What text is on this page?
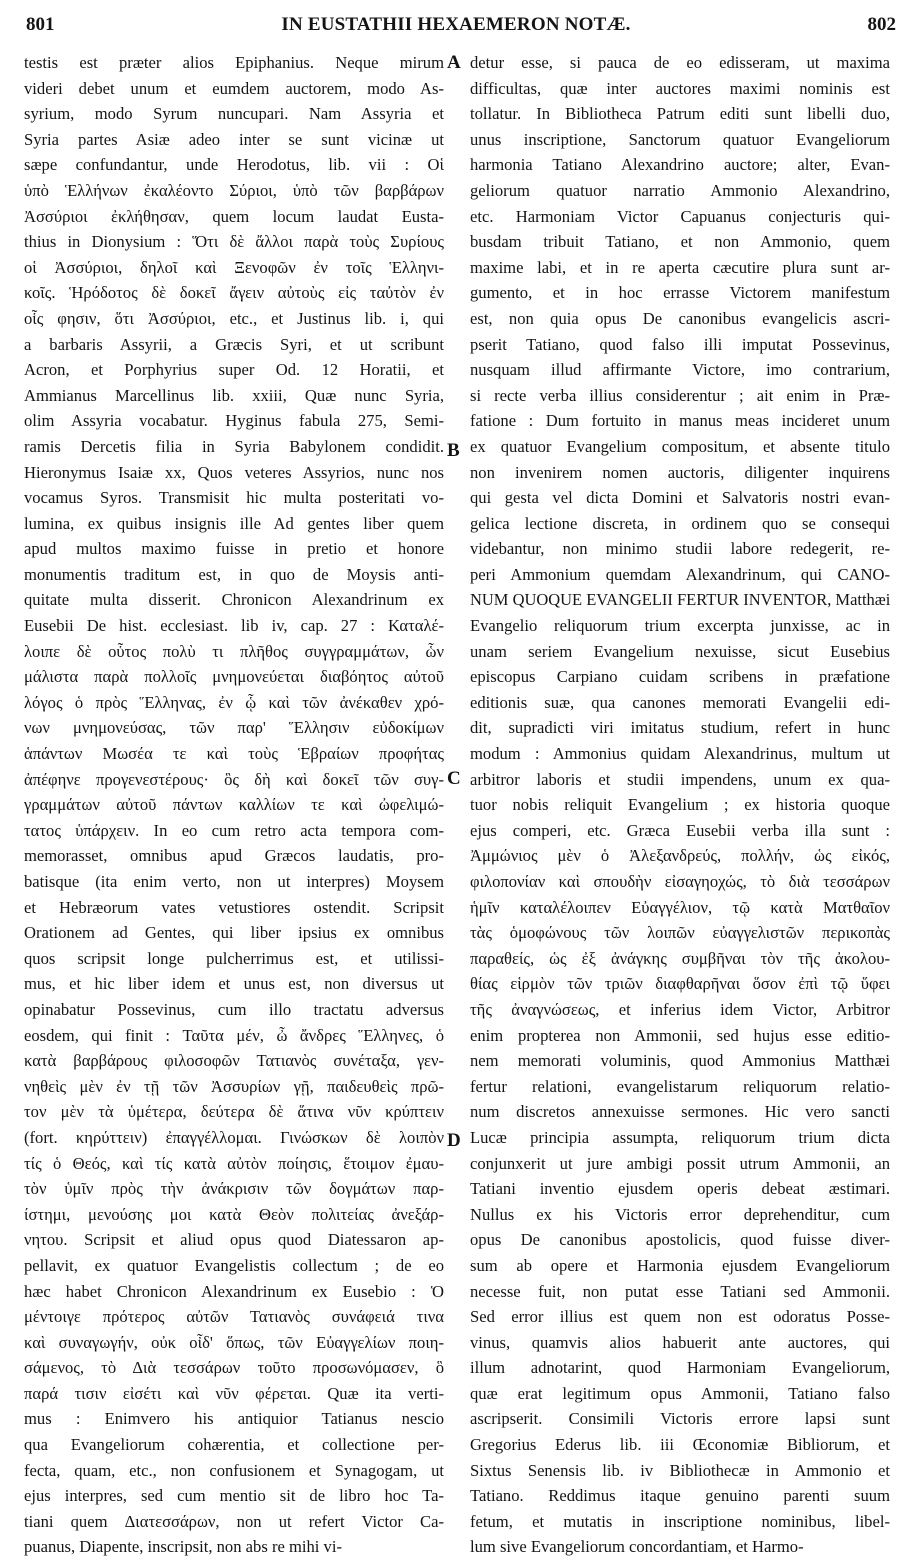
801	IN EUSTATHII HEXAEMERON NOTÆ.	802
testis est præter alios Epiphanius. Neque mirum
videri debet unum et eumdem auctorem, modo As-
syrium, modo Syrum nuncupari. Nam Assyria et
Syria partes Asiæ adeo inter se sunt vicinæ ut
sæpe confundantur, unde Herodotus, lib. vii : Οἱ
ὑπὸ Ἑλλήνων ἐκαλέοντο Σύριοι, ὑπὸ τῶν βαρβάρων
Ἀσσύριοι ἐκλήθησαν, quem locum laudat Eusta-
thius in Dionysium : Ὅτι δὲ ἄλλοι παρὰ τοὺς Συρίους
οἱ Ἀσσύριοι, δηλοῖ καὶ Ξενοφῶν ἐν τοῖς Ἑλληνι-
κοῖς. Ἡρόδοτος δὲ δοκεῖ ἄγειν αὐτοὺς εἰς ταὐτὸν ἐν
οἷς φησιν, ὅτι Ἀσσύριοι, etc., et Justinus lib. i, qui
a barbaris Assyrii, a Græcis Syri, et ut scribunt
Acron, et Porphyrius super Od. 12 Horatii, et
Ammianus Marcellinus lib. xxiii, Quæ nunc Syria,
olim Assyria vocabatur. Hyginus fabula 275, Semi-
ramis Dercetis filia in Syria Babylonem condidit.
Hieronymus Isaiæ xx, Quos veteres Assyrios, nunc nos
vocamus Syros. Transmisit hic multa posteritati vo-
lumina, ex quibus insignis ille Ad gentes liber quem
apud multos maximo fuisse in pretio et honore
monumentis traditum est, in quo de Moysis anti-
quitate multa disserit. Chronicon Alexandrinum ex
Eusebii De hist. ecclesiast. lib iv, cap. 27 : Καταλέ-
λοιπε δὲ οὗτος πολὺ τι πλῆθος συγγραμμάτων, ὧν
μάλιστα παρὰ πολλοῖς μνημονεύεται διαβόητος αὐτοῦ
λόγος ὁ πρὸς Ἕλληνας, ἐν ᾧ καὶ τῶν ἀνέκαθεν χρό-
νων μνημονεύσας, τῶν παρ' Ἕλλησιν εὐδοκίμων
ἁπάντων Μωσέα τε καὶ τοὺς Ἑβραίων προφήτας
ἀπέφηνε προγενεστέρους· ὃς δὴ καὶ δοκεῖ τῶν συγ-
γραμμάτων αὐτοῦ πάντων καλλίων τε καὶ ὠφελιμώ-
τατος ὑπάρχειν. In eo cum retro acta tempora com-
memorasset, omnibus apud Græcos laudatis, pro-
batisque (ita enim verto, non ut interpres) Moysem
et Hebræorum vates vetustiores ostendit. Scripsit
Orationem ad Gentes, qui liber ipsius ex omnibus
quos scripsit longe pulcherrimus est, et utilissi-
mus, et hic liber idem et unus est, non diversus ut
opinabatur Possevinus, cum illo tractatu adversus
eosdem, qui finit : Ταῦτα μέν, ὦ ἄνδρες Ἕλληνες, ὁ
κατὰ βαρβάρους φιλοσοφῶν Τατιανὸς συνέταξα, γεν-
νηθεὶς μὲν ἐν τῇ τῶν Ἀσσυρίων γῇ, παιδευθεὶς πρῶ-
τον μὲν τὰ ὑμέτερα, δεύτερα δὲ ἅτινα νῦν κρύπτειν
(fort. κηρύττειν) ἐπαγγέλλομαι. Γινώσκων δὲ λοιπὸν
τίς ὁ Θεός, καὶ τίς κατὰ αὐτὸν ποίησις, ἕτοιμον ἐμαυ-
τὸν ὑμῖν πρὸς τὴν ἀνάκρισιν τῶν δογμάτων παρ-
ίστημι, μενούσης μοι κατὰ Θεὸν πολιτείας ἀνεξάρ-
νητου. Scripsit et aliud opus quod Diatessaron ap-
pellavit, ex quatuor Evangelistis collectum ; de eo
hæc habet Chronicon Alexandrinum ex Eusebio : Ὁ
μέντοιγε πρότερος αὐτῶν Τατιανὸς συνάφειά τινα
καὶ συναγωγήν, οὐκ οἶδ' ὅπως, τῶν Εὐαγγελίων ποιη-
σάμενος, τὸ Διὰ τεσσάρων τοῦτο προσωνόμασεν, ὃ
παρά τισιν εἰσέτι καὶ νῦν φέρεται. Quæ ita verti-
mus : Enimvero his antiquior Tatianus nescio
qua Evangeliorum cohærentia, et collectione per-
fecta, quam, etc., non confusionem et Synagogam, ut
ejus interpres, sed cum mentio sit de libro hoc Ta-
tiani quem Διατεσσάρων, non ut refert Victor Ca-
puanus, Diapente, inscripsit, non abs re mihi vi-
detur esse, si pauca de eo edisseram, ut maxima
difficultas, quæ inter auctores maximi nominis est
tollatur. In Bibliotheca Patrum editi sunt libelli duo,
unus inscriptione, Sanctorum quatuor Evangeliorum
harmonia Tatiano Alexandrino auctore; alter, Evan-
geliorum quatuor narratio Ammonio Alexandrino,
etc. Harmoniam Victor Capuanus conjecturis qui-
busdam tribuit Tatiano, et non Ammonio, quem
maxime labi, et in re aperta cæcutire plura sunt ar-
gumento, et in hoc errasse Victorem manifestum
est, non quia opus De canonibus evangelicis ascri-
pserit Tatiano, quod falso illi imputat Possevinus,
nusquam illud affirmante Victore, imo contrarium,
si recte verba illius considerentur ; ait enim in Præ-
fatione : Dum fortuito in manus meas incideret unum
ex quatuor Evangelium compositum, et absente titulo
non invenirem nomen auctoris, diligenter inquirens
qui gesta vel dicta Domini et Salvatoris nostri evan-
gelica lectione discreta, in ordinem quo se consequi
videbantur, non minimo studii labore redegerit, re-
peri Ammonium quemdam Alexandrinum, qui CANO-
NUM QUOQUE EVANGELII FERTUR INVENTOR, Matthæi
Evangelio reliquorum trium excerpta junxisse, ac in
unam seriem Evangelium nexuisse, sicut Eusebius
episcopus Carpiano cuidam scribens in præfatione
editionis suæ, qua canones memorati Evangelii edi-
dit, supradicti viri imitatus studium, refert in hunc
modum : Ammonius quidam Alexandrinus, multum ut
arbitror laboris et studii impendens, unum ex qua-
tuor nobis reliquit Evangelium ; ex historia quoque
ejus comperi, etc. Græca Eusebii verba illa sunt :
Ἀμμώνιος μὲν ὁ Ἀλεξανδρεύς, πολλήν, ὡς εἰκός,
φιλοπονίαν καὶ σπουδὴν εἰσαγηοχώς, τὸ διὰ τεσσάρων
ἡμῖν καταλέλοιπεν Εὐαγγέλιον, τῷ κατὰ Ματθαῖον
τὰς ὁμοφώνους τῶν λοιπῶν εὐαγγελιστῶν περικοπὰς
παραθείς, ὡς ἐξ ἀνάγκης συμβῆναι τὸν τῆς ἀκολου-
θίας εἱρμὸν τῶν τριῶν διαφθαρῆναι ὅσον ἐπὶ τῷ ὕφει
τῆς ἀναγνώσεως, et inferius idem Victor, Arbitror
enim propterea non Ammonii, sed hujus esse editio-
nem memorati voluminis, quod Ammonius Matthæi
fertur relationi, evangelistarum reliquorum relatio-
num discretos annexuisse sermones. Hic vero sancti
Lucæ principia assumpta, reliquorum trium dicta
conjunxerit ut jure ambigi possit utrum Ammonii, an
Tatiani inventio ejusdem operis debeat æstimari.
Nullus ex his Victoris error deprehenditur, cum
opus De canonibus apostolicis, quod fuisse diver-
sum ab opere et Harmonia ejusdem Evangeliorum
necesse fuit, non putat esse Tatiani sed Ammonii.
Sed error illius est quem non est odoratus Posse-
vinus, quamvis alios habuerit ante auctores, qui
illum adnotarint, quod Harmoniam Evangeliorum,
quæ erat legitimum opus Ammonii, Tatiano falso
ascripserit. Consimili Victoris errore lapsi sunt
Gregorius Ederus lib. iii Œconomiæ Bibliorum, et
Sixtus Senensis lib. iv Bibliothecæ in Ammonio et
Tatiano. Reddimus itaque genuino parenti suum
fetum, et mutatis in inscriptione nominibus, libel-
lum sive Evangeliorum concordantiam, et Harmo-
A
B
C
D
